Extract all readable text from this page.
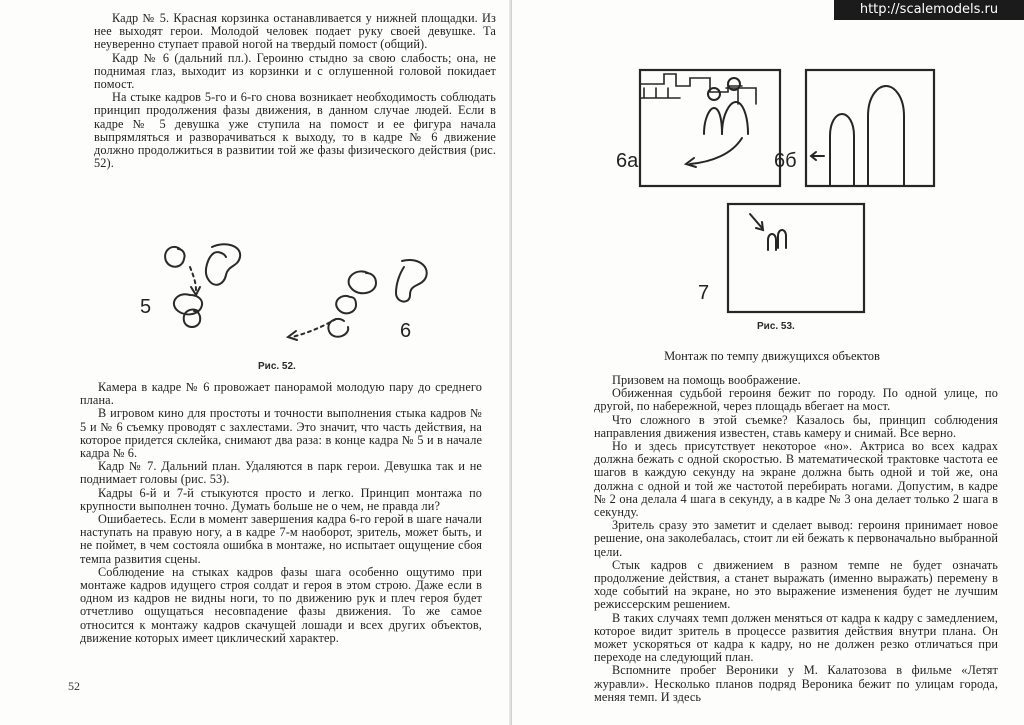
Кадр № 5. Красная корзинка останавливается у нижней площадки. Из нее выходят герои. Молодой человек подает руку своей девушке. Та неуверенно ступает правой ногой на твердый помост (общий).

Кадр № 6 (дальний пл.). Героиню стыдно за свою слабость; она, не поднимая глаз, выходит из корзинки и с оглушенной головой покидает помост.

На стыке кадров 5-го и 6-го снова возникает необходимость соблюдать принцип продолжения фазы движения, в данном случае людей. Если в кадре № 5 девушка уже ступила на помост и ее фигура начала выпрямляться и разворачиваться к выходу, то в кадре № 6 движение должно продолжиться в развитии той же фазы физического действия (рис. 52).

5
6
Рис. 52.

Камера в кадре № 6 провожает панорамой молодую пару до среднего плана.

В игровом кино для простоты и точности выполнения стыка кадров № 5 и № 6 съемку проводят с захлестами. Это значит, что часть действия, на которое придется склейка, снимают два раза: в конце кадра № 5 и в начале кадра № 6.

Кадр № 7. Дальний план. Удаляются в парк герои. Девушка так и не поднимает головы (рис. 53).

Кадры 6-й и 7-й стыкуются просто и легко. Принцип монтажа по крупности выполнен точно. Думать больше не о чем, не правда ли?

Ошибаетесь. Если в момент завершения кадра 6-го герой в шаге начали наступать на правую ногу, а в кадре 7-м наоборот, зритель, может быть, и не поймет, в чем состояла ошибка в монтаже, но испытает ощущение сбоя темпа развития сцены.

Соблюдение на стыках кадров фазы шага особенно ощутимо при монтаже кадров идущего строя солдат и героя в этом строю. Даже если в одном из кадров не видны ноги, то по движению рук и плеч героя будет отчетливо ощущаться несовпадение фазы движения. То же самое относится к монтажу кадров скачущей лошади и всех других объектов, движение которых имеет циклический характер.

52
6а	6б
7
Рис. 53.
Монтаж по темпу движущихся объектов

Призовем на помощь воображение.

Обиженная судьбой героиня бежит по городу. По одной улице, по другой, по набережной, через площадь вбегает на мост.

Что сложного в этой съемке? Казалось бы, принцип соблюдения направления движения известен, ставь камеру и снимай. Все верно.

Но и здесь присутствует некоторое «но». Актриса во всех кадрах должна бежать с одной скоростью. В математической трактовке частота ее шагов в каждую секунду на экране должна быть одной и той же, она должна с одной и той же частотой перебирать ногами. Допустим, в кадре № 2 она делала 4 шага в секунду, а в кадре № 3 она делает только 2 шага в секунду.

Зритель сразу это заметит и сделает вывод: героиня принимает новое решение, она заколебалась, стоит ли ей бежать к первоначально выбранной цели.

Стык кадров с движением в разном темпе не будет означать продолжение действия, а станет выражать (именно выражать) перемену в ходе событий на экране, но это выражение изменения будет не лучшим режиссерским решением.

В таких случаях темп должен меняться от кадра к кадру с замедлением, которое видит зритель в процессе развития действия внутри плана. Он может ускоряться от кадра к кадру, но не должен резко отличаться при переходе на следующий план.

Вспомните пробег Вероники у М. Калатозова в фильме «Летят журавли». Несколько планов подряд Вероника бежит по улицам города, меняя темп. И здесь

http://scalemodels.ru
